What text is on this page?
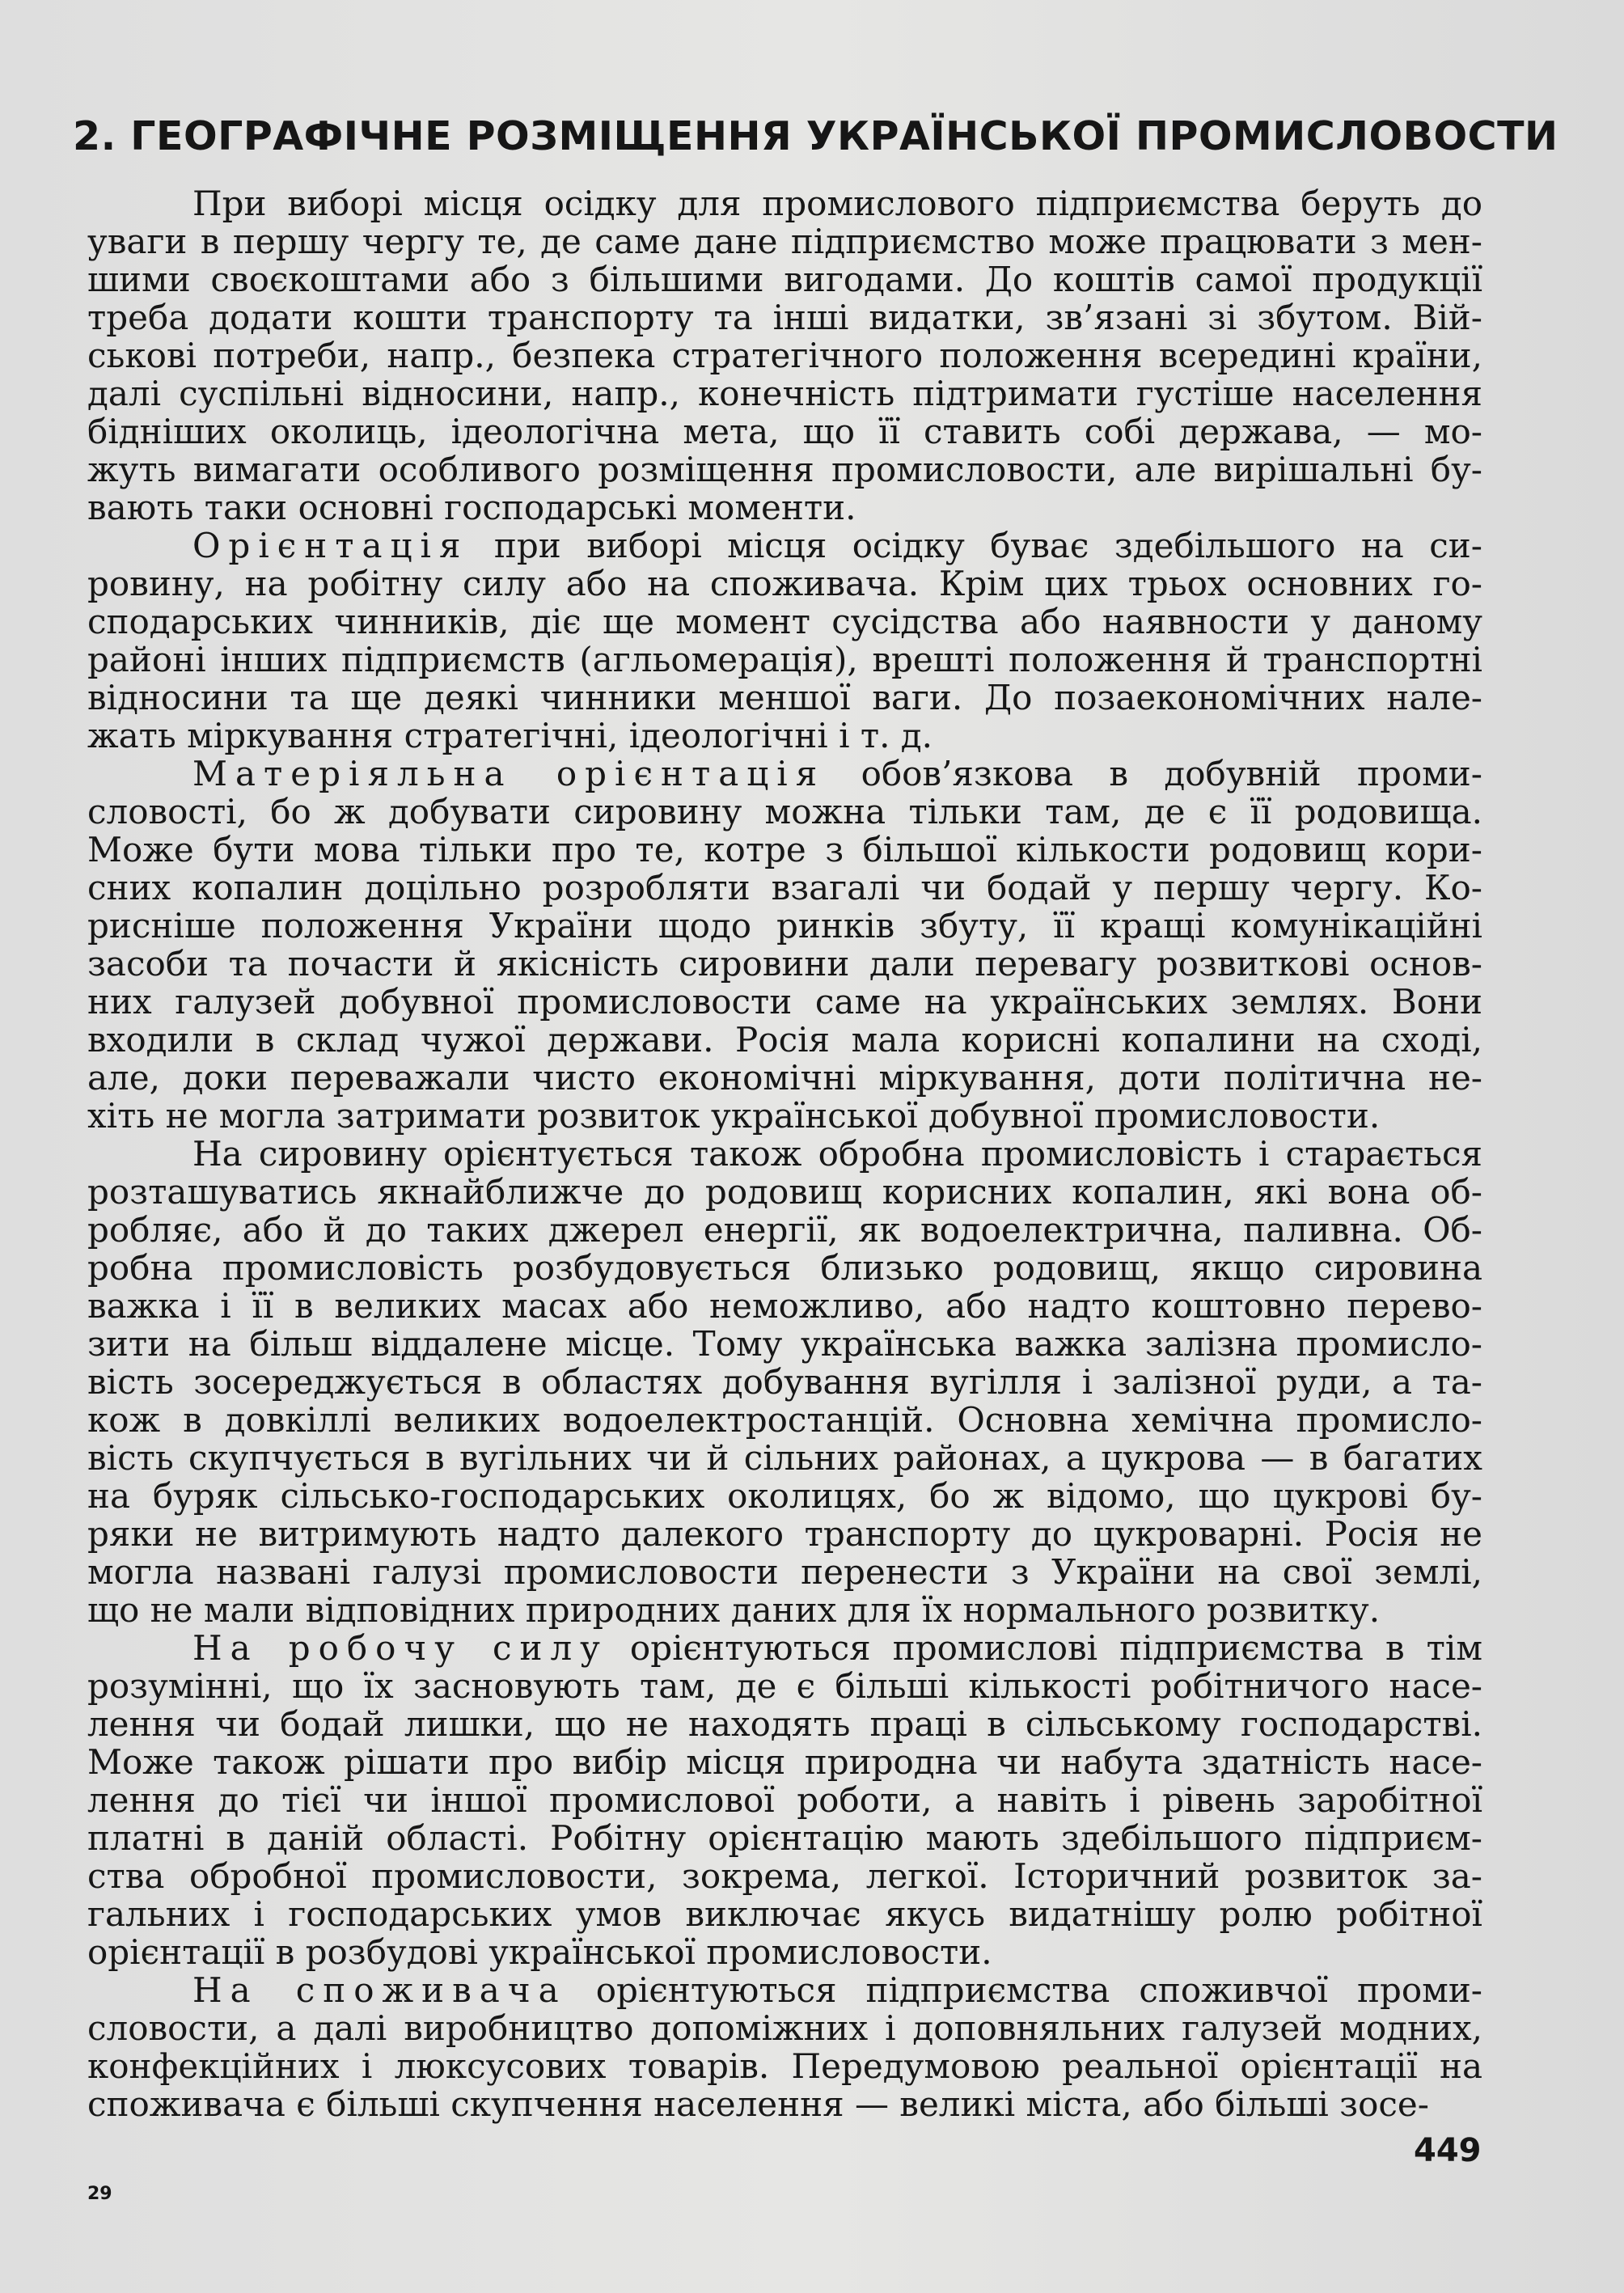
2. ГЕОГРАФІЧНЕ РОЗМІЩЕННЯ УКРАЇНСЬКОЇ ПРОМИСЛОВОСТИ
При виборі місця осідку для промислового підприємства беруть до
уваги в першу чергу те, де саме дане підприємство може працювати з мен-
шими своєкоштами або з більшими вигодами. До коштів самої продукції
треба додати кошти транспорту та інші видатки, зв’язані зі збутом. Вій-
ськові потреби, напр., безпека стратегічного положення всередині країни,
далі суспільні відносини, напр., конечність підтримати густіше населення
бідніших околиць, ідеологічна мета, що її ставить собі держава, — мо-
жуть вимагати особливого розміщення промисловости, але вирішальні бу-
вають таки основні господарські моменти.
Орієнтація при виборі місця осідку буває здебільшого на си-
ровину, на робітну силу або на споживача. Крім цих трьох основних го-
сподарських чинників, діє ще момент сусідства або наявности у даному
районі інших підприємств (агльомерація), врешті положення й транспортні
відносини та ще деякі чинники меншої ваги. До позаекономічних нале-
жать міркування стратегічні, ідеологічні і т. д.
Матеріяльна орієнтація обов’язкова в добувній проми-
словості, бо ж добувати сировину можна тільки там, де є її родовища.
Може бути мова тільки про те, котре з більшої кількости родовищ кори-
сних копалин доцільно розробляти взагалі чи бодай у першу чергу. Ко-
рисніше положення України щодо ринків збуту, її кращі комунікаційні
засоби та почасти й якісність сировини дали перевагу розвиткові основ-
них галузей добувної промисловости саме на українських землях. Вони
входили в склад чужої держави. Росія мала корисні копалини на сході,
але, доки переважали чисто економічні міркування, доти політична не-
хіть не могла затримати розвиток української добувної промисловости.
На сировину орієнтується також обробна промисловість і старається
розташуватись якнайближче до родовищ корисних копалин, які вона об-
робляє, або й до таких джерел енергії, як водоелектрична, паливна. Об-
робна промисловість розбудовується близько родовищ, якщо сировина
важка і її в великих масах або неможливо, або надто коштовно перево-
зити на більш віддалене місце. Тому українська важка залізна промисло-
вість зосереджується в областях добування вугілля і залізної руди, а та-
кож в довкіллі великих водоелектростанцій. Основна хемічна промисло-
вість скупчується в вугільних чи й сільних районах, а цукрова — в багатих
на буряк сільсько-господарських околицях, бо ж відомо, що цукрові бу-
ряки не витримують надто далекого транспорту до цукроварні. Росія не
могла названі галузі промисловости перенести з України на свої землі,
що не мали відповідних природних даних для їх нормального розвитку.
На робочу силу орієнтуються промислові підприємства в тім
розумінні, що їх засновують там, де є більші кількості робітничого насе-
лення чи бодай лишки, що не находять праці в сільському господарстві.
Може також рішати про вибір місця природна чи набута здатність насе-
лення до тієї чи іншої промислової роботи, а навіть і рівень заробітної
платні в даній області. Робітну орієнтацію мають здебільшого підприєм-
ства обробної промисловости, зокрема, легкої. Історичний розвиток за-
гальних і господарських умов виключає якусь видатнішу ролю робітної
орієнтації в розбудові української промисловости.
На споживача орієнтуються підприємства споживчої проми-
словости, а далі виробництво допоміжних і доповняльних галузей модних,
конфекційних і люксусових товарів. Передумовою реальної орієнтації на
споживача є більші скупчення населення — великі міста, або більші зосе-
449
29
